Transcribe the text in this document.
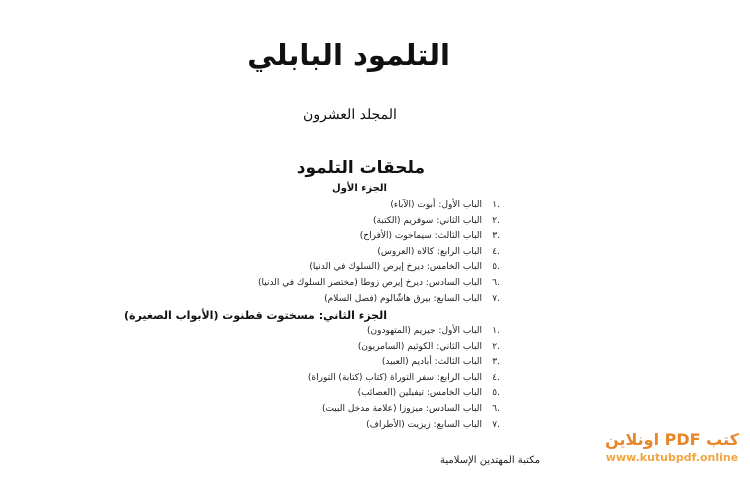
التلمود البابلي
المجلد العشرون
ملحقات التلمود
الجزء الأول
.١الباب الأول: أبوت (الآباء)
.٢الباب الثاني: سوفريم (الكتبة)
.٣الباب الثالث: سيماحوت (الأفراح)
.٤الباب الرابع: كالاه (العروس)
.٥الباب الخامس: ديرخ إيرص (السلوك في الدنيا)
.٦الباب السادس: ديرخ إيرص زوطا (مختصر السلوك في الدنيا)
.٧الباب السابع: بيرق هاشّالوم (فصل السلام)
الجزء الثاني: مسختوت قطنوت (الأبواب الصغيرة)
.١الباب الأول: جيريم (المتهودون)
.٢الباب الثاني: الكوثيم (السامريون)
.٣الباب الثالث: أباديم (العبيد)
.٤الباب الرابع: سفر التوراة (كتاب (كتابة) التوراة)
.٥الباب الخامس: تيفيلين (العصائب)
.٦الباب السادس: ميزوزا (علامة مدخل البيت)
.٧الباب السابع: زيزيت (الأطراف)
مكتبة المهتدين الإسلامية
كتب PDF اونلاين
www.kutubpdf.online
